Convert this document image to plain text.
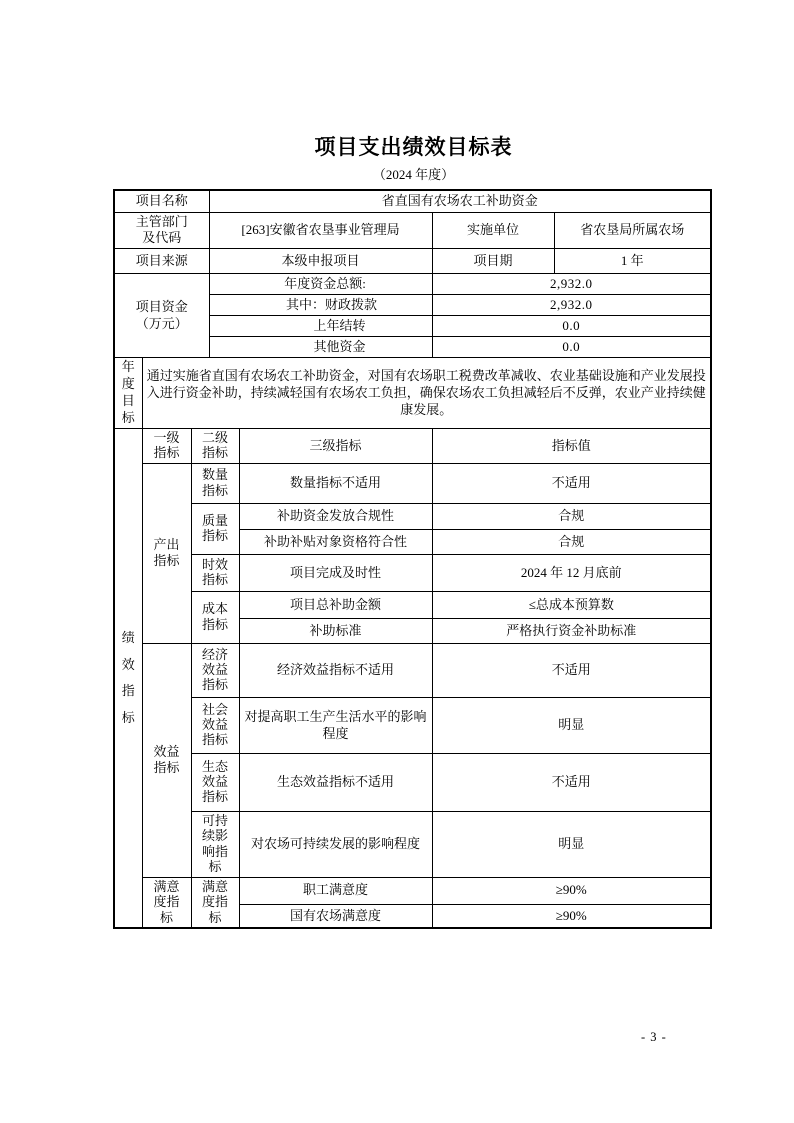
项目支出绩效目标表
（2024 年度）
项目名称			省直国有农场农工补助资金			
主管部门及代码			[263]安徽省农垦事业管理局		实施单位	省农垦局所属农场
项目来源			本级申报项目		项目期	1 年
项目资金（万元）			年度资金总额:		2,932.0	
			其中：财政拨款		2,932.0	
			上年结转		0.0	
			其他资金		0.0	
年度目标	通过实施省直国有农场农工补助资金，对国有农场职工税费改革减收、农业基础设施和产业发展投入进行资金补助，持续减轻国有农场农工负担，确保农场农工负担减轻后不反弹，农业产业持续健康发展。					
绩效指标	一级指标	二级指标		三级指标	指标值	
	产出指标	数量指标		数量指标不适用	不适用	
		质量指标		补助资金发放合规性	合规	
				补助补贴对象资格符合性	合规	
		时效指标		项目完成及时性	2024 年 12 月底前	
		成本指标		项目总补助金额	≤总成本预算数	
				补助标准	严格执行资金补助标准	
	效益指标	经济效益指标		经济效益指标不适用	不适用	
		社会效益指标		对提高职工生产生活水平的影响程度	明显	
		生态效益指标		生态效益指标不适用	不适用	
		可持续影响指标		对农场可持续发展的影响程度	明显	
	满意度指标	满意度指标		职工满意度	≥90%	
				国有农场满意度	≥90%	
- 3 -
